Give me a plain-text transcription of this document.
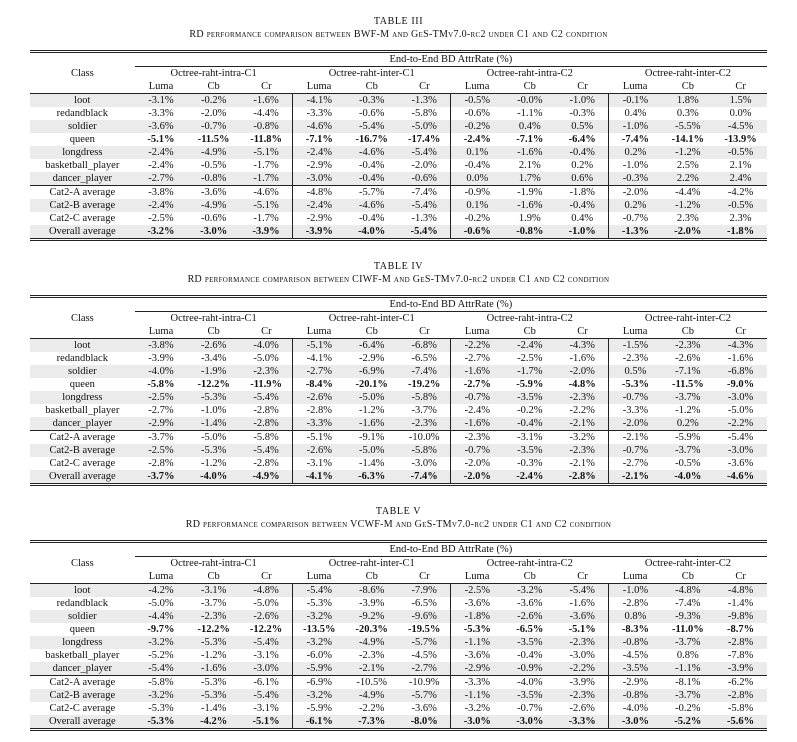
TABLE III
RD performance comparison between BWF-M and GeS-TMv7.0-rc2 under C1 and C2 condition
Class	End-to-End BD AttrRate (%)											
	Octree-raht-intra-C1			Octree-raht-inter-C1			Octree-raht-intra-C2			Octree-raht-inter-C2		
	Luma	Cb	Cr	Luma	Cb	Cr	Luma	Cb	Cr	Luma	Cb	Cr
loot	-3.1%	-0.2%	-1.6%	-4.1%	-0.3%	-1.3%	-0.5%	-0.0%	-1.0%	-0.1%	1.8%	1.5%
redandblack	-3.3%	-2.0%	-4.4%	-3.3%	-0.6%	-5.8%	-0.6%	-1.1%	-0.3%	0.4%	0.3%	0.0%
soldier	-3.6%	-0.7%	-0.8%	-4.6%	-5.4%	-5.0%	-0.2%	0.4%	0.5%	-1.0%	-5.5%	-4.5%
queen	-5.1%	-11.5%	-11.8%	-7.1%	-16.7%	-17.4%	-2.4%	-7.1%	-6.4%	-7.4%	-14.1%	-13.9%
longdress	-2.4%	-4.9%	-5.1%	-2.4%	-4.6%	-5.4%	0.1%	-1.6%	-0.4%	0.2%	-1.2%	-0.5%
basketball_player	-2.4%	-0.5%	-1.7%	-2.9%	-0.4%	-2.0%	-0.4%	2.1%	0.2%	-1.0%	2.5%	2.1%
dancer_player	-2.7%	-0.8%	-1.7%	-3.0%	-0.4%	-0.6%	0.0%	1.7%	0.6%	-0.3%	2.2%	2.4%
Cat2-A average	-3.8%	-3.6%	-4.6%	-4.8%	-5.7%	-7.4%	-0.9%	-1.9%	-1.8%	-2.0%	-4.4%	-4.2%
Cat2-B average	-2.4%	-4.9%	-5.1%	-2.4%	-4.6%	-5.4%	0.1%	-1.6%	-0.4%	0.2%	-1.2%	-0.5%
Cat2-C average	-2.5%	-0.6%	-1.7%	-2.9%	-0.4%	-1.3%	-0.2%	1.9%	0.4%	-0.7%	2.3%	2.3%
Overall average	-3.2%	-3.0%	-3.9%	-3.9%	-4.0%	-5.4%	-0.6%	-0.8%	-1.0%	-1.3%	-2.0%	-1.8%
TABLE IV
RD performance comparison between CIWF-M and GeS-TMv7.0-rc2 under C1 and C2 condition
Class	End-to-End BD AttrRate (%)											
	Octree-raht-intra-C1			Octree-raht-inter-C1			Octree-raht-intra-C2			Octree-raht-inter-C2		
	Luma	Cb	Cr	Luma	Cb	Cr	Luma	Cb	Cr	Luma	Cb	Cr
loot	-3.8%	-2.6%	-4.0%	-5.1%	-6.4%	-6.8%	-2.2%	-2.4%	-4.3%	-1.5%	-2.3%	-4.3%
redandblack	-3.9%	-3.4%	-5.0%	-4.1%	-2.9%	-6.5%	-2.7%	-2.5%	-1.6%	-2.3%	-2.6%	-1.6%
soldier	-4.0%	-1.9%	-2.3%	-2.7%	-6.9%	-7.4%	-1.6%	-1.7%	-2.0%	0.5%	-7.1%	-6.8%
queen	-5.8%	-12.2%	-11.9%	-8.4%	-20.1%	-19.2%	-2.7%	-5.9%	-4.8%	-5.3%	-11.5%	-9.0%
longdress	-2.5%	-5.3%	-5.4%	-2.6%	-5.0%	-5.8%	-0.7%	-3.5%	-2.3%	-0.7%	-3.7%	-3.0%
basketball_player	-2.7%	-1.0%	-2.8%	-2.8%	-1.2%	-3.7%	-2.4%	-0.2%	-2.2%	-3.3%	-1.2%	-5.0%
dancer_player	-2.9%	-1.4%	-2.8%	-3.3%	-1.6%	-2.3%	-1.6%	-0.4%	-2.1%	-2.0%	0.2%	-2.2%
Cat2-A average	-3.7%	-5.0%	-5.8%	-5.1%	-9.1%	-10.0%	-2.3%	-3.1%	-3.2%	-2.1%	-5.9%	-5.4%
Cat2-B average	-2.5%	-5.3%	-5.4%	-2.6%	-5.0%	-5.8%	-0.7%	-3.5%	-2.3%	-0.7%	-3.7%	-3.0%
Cat2-C average	-2.8%	-1.2%	-2.8%	-3.1%	-1.4%	-3.0%	-2.0%	-0.3%	-2.1%	-2.7%	-0.5%	-3.6%
Overall average	-3.7%	-4.0%	-4.9%	-4.1%	-6.3%	-7.4%	-2.0%	-2.4%	-2.8%	-2.1%	-4.0%	-4.6%
TABLE V
RD performance comparison between VCWF-M and GeS-TMv7.0-rc2 under C1 and C2 condition
Class	End-to-End BD AttrRate (%)											
	Octree-raht-intra-C1			Octree-raht-inter-C1			Octree-raht-intra-C2			Octree-raht-inter-C2		
	Luma	Cb	Cr	Luma	Cb	Cr	Luma	Cb	Cr	Luma	Cb	Cr
loot	-4.2%	-3.1%	-4.8%	-5.4%	-8.6%	-7.9%	-2.5%	-3.2%	-5.4%	-1.0%	-4.8%	-4.8%
redandblack	-5.0%	-3.7%	-5.0%	-5.3%	-3.9%	-6.5%	-3.6%	-3.6%	-1.6%	-2.8%	-7.4%	-1.4%
soldier	-4.4%	-2.3%	-2.6%	-3.2%	-9.2%	-9.6%	-1.8%	-2.6%	-3.6%	0.8%	-9.3%	-9.8%
queen	-9.7%	-12.2%	-12.2%	-13.5%	-20.3%	-19.5%	-5.3%	-6.5%	-5.1%	-8.3%	-11.0%	-8.7%
longdress	-3.2%	-5.3%	-5.4%	-3.2%	-4.9%	-5.7%	-1.1%	-3.5%	-2.3%	-0.8%	-3.7%	-2.8%
basketball_player	-5.2%	-1.2%	-3.1%	-6.0%	-2.3%	-4.5%	-3.6%	-0.4%	-3.0%	-4.5%	0.8%	-7.8%
dancer_player	-5.4%	-1.6%	-3.0%	-5.9%	-2.1%	-2.7%	-2.9%	-0.9%	-2.2%	-3.5%	-1.1%	-3.9%
Cat2-A average	-5.8%	-5.3%	-6.1%	-6.9%	-10.5%	-10.9%	-3.3%	-4.0%	-3.9%	-2.9%	-8.1%	-6.2%
Cat2-B average	-3.2%	-5.3%	-5.4%	-3.2%	-4.9%	-5.7%	-1.1%	-3.5%	-2.3%	-0.8%	-3.7%	-2.8%
Cat2-C average	-5.3%	-1.4%	-3.1%	-5.9%	-2.2%	-3.6%	-3.2%	-0.7%	-2.6%	-4.0%	-0.2%	-5.8%
Overall average	-5.3%	-4.2%	-5.1%	-6.1%	-7.3%	-8.0%	-3.0%	-3.0%	-3.3%	-3.0%	-5.2%	-5.6%
